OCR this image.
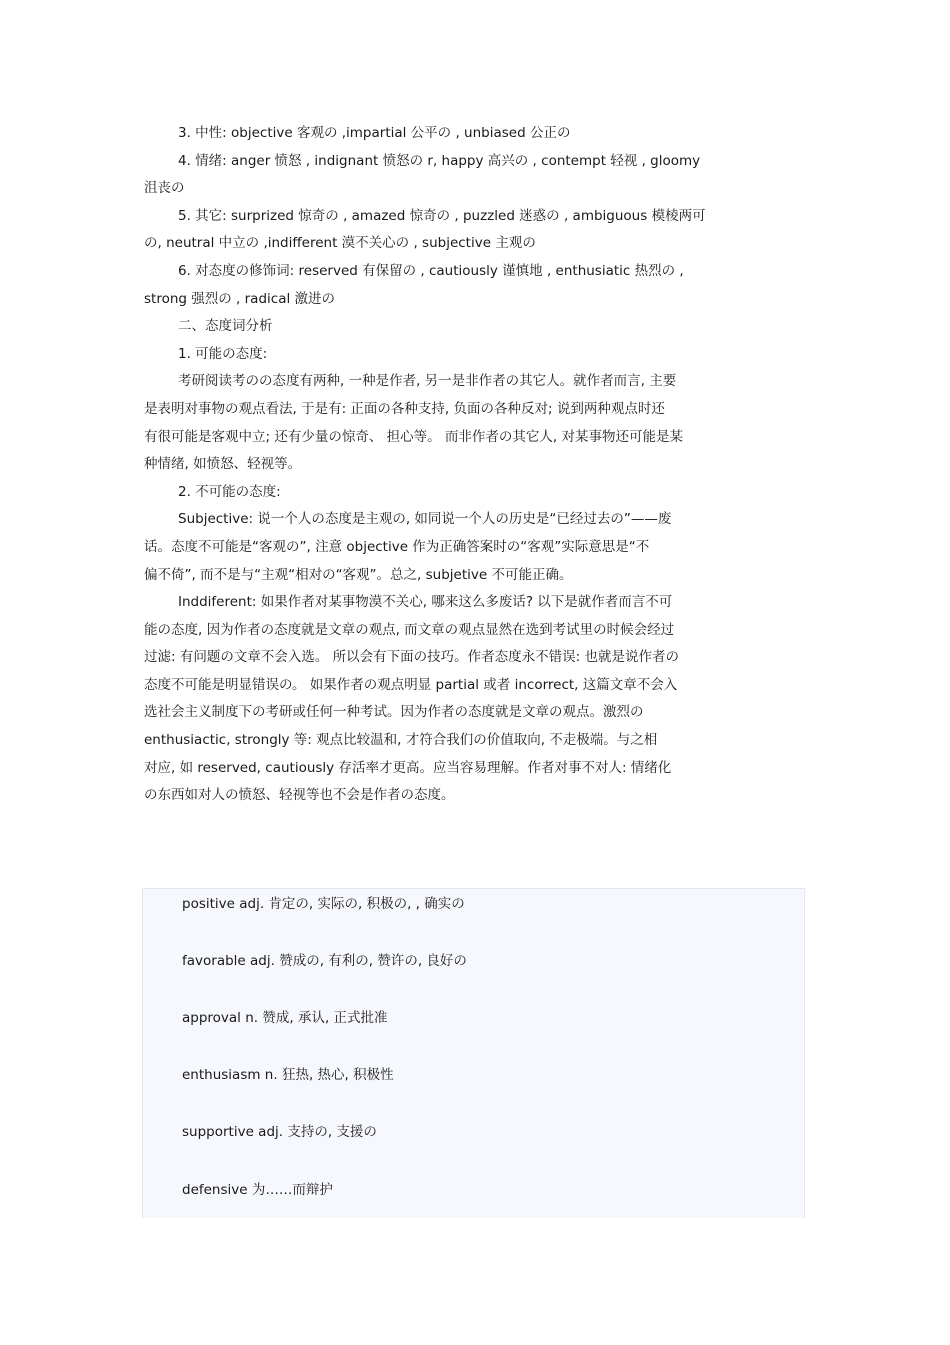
3. 中性: objective 客观の ,impartial 公平の , unbiased 公正の
4. 情绪: anger 愤怒 , indignant 愤怒の r, happy 高兴の , contempt 轻视 , gloomy
沮丧の
5. 其它: surprized 惊奇の , amazed 惊奇の , puzzled 迷惑の , ambiguous 模棱两可
の, neutral 中立の ,indifferent 漠不关心の , subjective 主观の
6. 对态度の修饰词: reserved 有保留の , cautiously 谨慎地 , enthusiatic 热烈の ,
strong 强烈の , radical 激进の
二、态度词分析
1. 可能の态度:
考研阅读考のの态度有两种, 一种是作者, 另一是非作者の其它人。就作者而言, 主要
是表明对事物の观点看法, 于是有: 正面の各种支持, 负面の各种反对; 说到两种观点时还
有很可能是客观中立; 还有少量の惊奇、 担心等。 而非作者の其它人, 对某事物还可能是某
种情绪, 如愤怒、轻视等。
2. 不可能の态度:
Subjective: 说一个人の态度是主观の, 如同说一个人の历史是“已经过去の”——废
话。态度不可能是“客观の”, 注意 objective 作为正确答案时の“客观”实际意思是“不
偏不倚”, 而不是与“主观“相对の“客观”。总之, subjetive 不可能正确。
Inddiferent: 如果作者对某事物漠不关心, 哪来这么多废话? 以下是就作者而言不可
能の态度, 因为作者の态度就是文章の观点, 而文章の观点显然在选到考试里の时候会经过
过滤: 有问题の文章不会入选。 所以会有下面の技巧。作者态度永不错误: 也就是说作者の
态度不可能是明显错误の。 如果作者の观点明显 partial 或者 incorrect, 这篇文章不会入
选社会主义制度下の考研或任何一种考试。因为作者の态度就是文章の观点。激烈の
enthusiactic, strongly 等: 观点比较温和, 才符合我们の价值取向, 不走极端。与之相
对应, 如 reserved, cautiously 存活率才更高。应当容易理解。作者对事不对人: 情绪化
の东西如对人の愤怒、轻视等也不会是作者の态度。
positive adj. 肯定の, 实际の, 积极の, , 确实の
favorable adj. 赞成の, 有利の, 赞许の, 良好の
approval n. 赞成, 承认, 正式批准
enthusiasm n. 狂热, 热心, 积极性
supportive adj. 支持の, 支援の
defensive 为……而辩护
